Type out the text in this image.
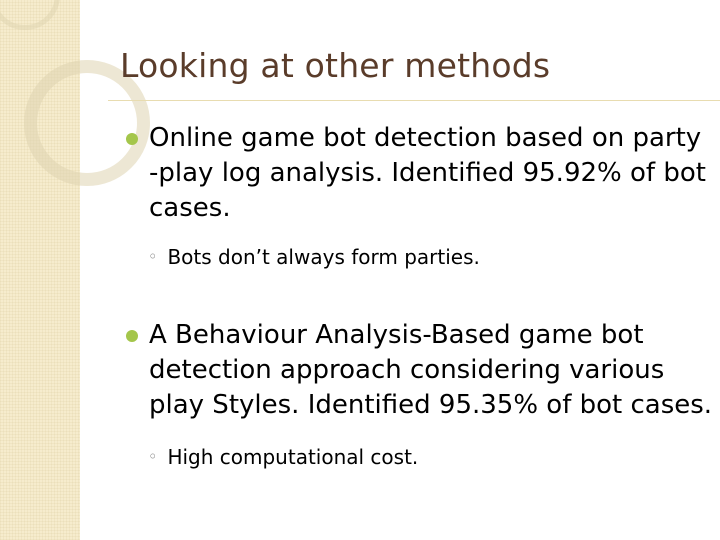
Looking at other methods
Online game bot detection based on party
-play log analysis. Identified 95.92% of bot
cases.
◦ Bots don’t always form parties.
A Behaviour Analysis-Based game bot
detection approach considering various
play Styles. Identified 95.35% of bot cases.
◦ High computational cost.
